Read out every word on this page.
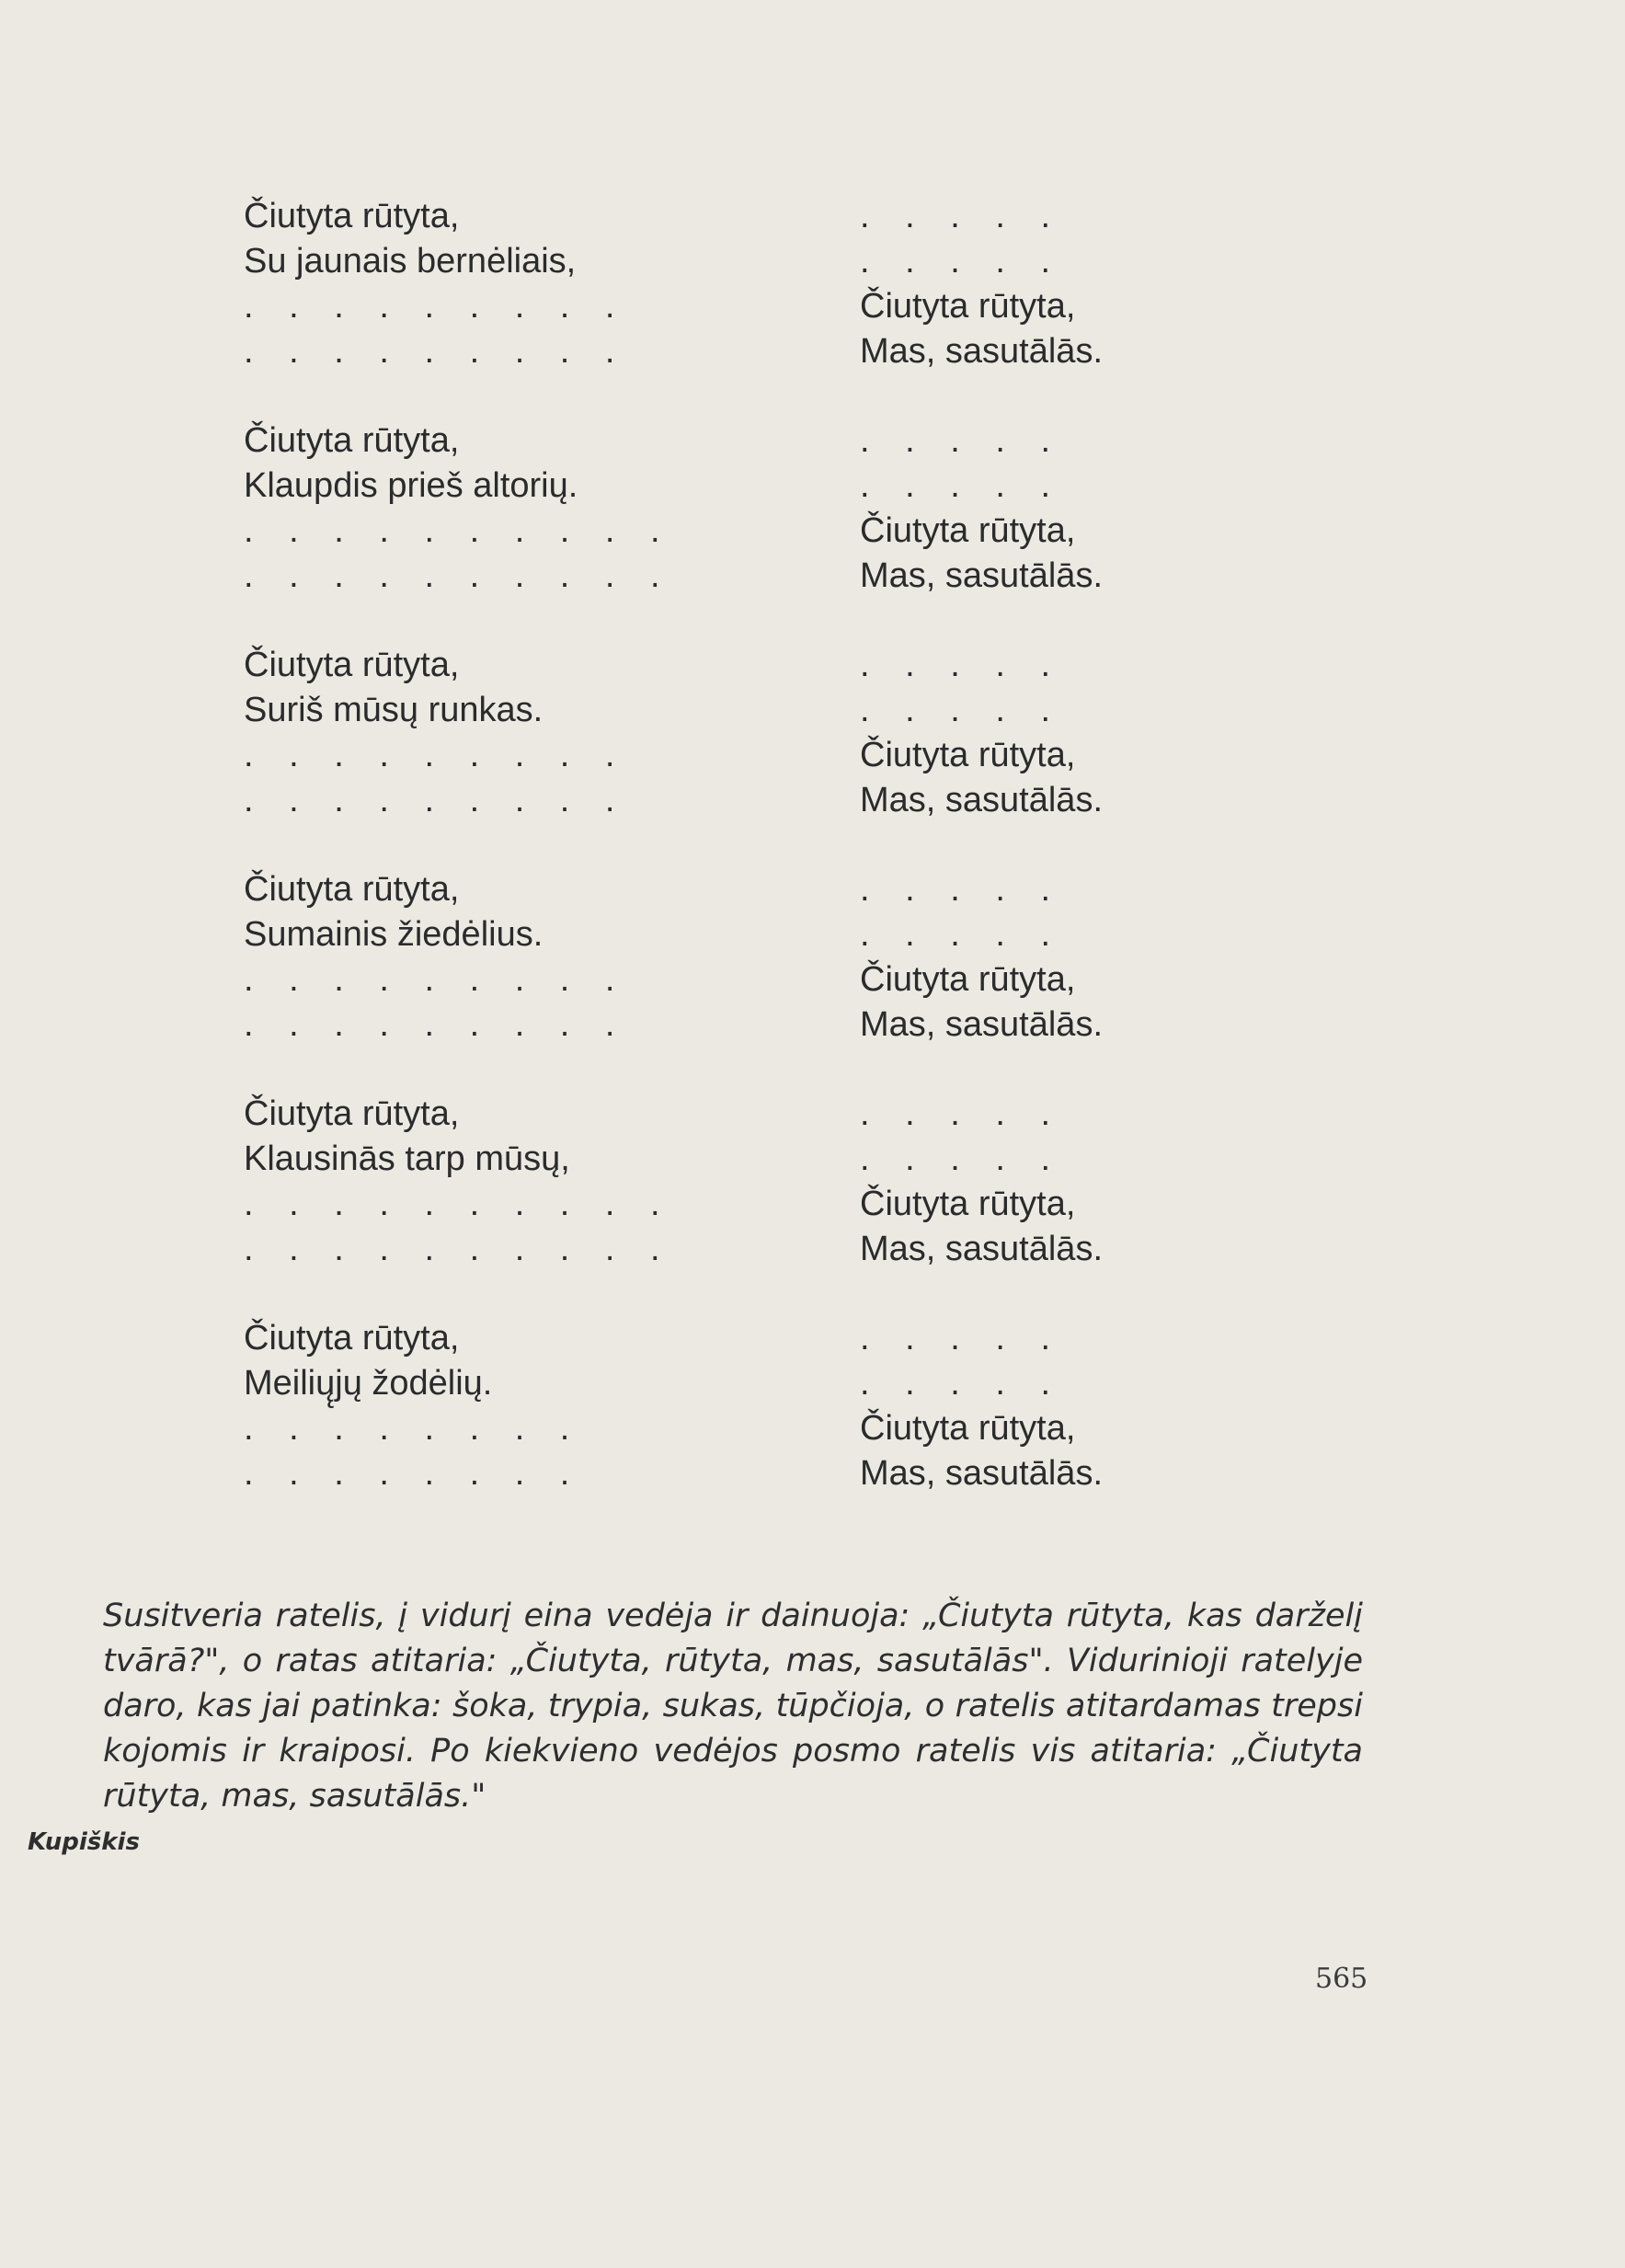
Čiutyta rūtyta,	. . . . .
Su jaunais bernėliais,	. . . . .
. . . . . . . . .	Čiutyta rūtyta,
. . . . . . . . .	Mas, sasutālās.
Čiutyta rūtyta,	. . . . .
Klaupdis prieš altorių.	. . . . .
. . . . . . . . . .	Čiutyta rūtyta,
. . . . . . . . . .	Mas, sasutālās.
Čiutyta rūtyta,	. . . . .
Suriš mūsų runkas.	. . . . .
. . . . . . . . .	Čiutyta rūtyta,
. . . . . . . . .	Mas, sasutālās.
Čiutyta rūtyta,	. . . . .
Sumainis žiedėlius.	. . . . .
. . . . . . . . .	Čiutyta rūtyta,
. . . . . . . . .	Mas, sasutālās.
Čiutyta rūtyta,	. . . . .
Klausinās tarp mūsų,	. . . . .
. . . . . . . . . .	Čiutyta rūtyta,
. . . . . . . . . .	Mas, sasutālās.
Čiutyta rūtyta,	. . . . .
Meilių̨jų žodėlių.	. . . . .
. . . . . . . .	Čiutyta rūtyta,
. . . . . . . .	Mas, sasutālās.

Susitveria ratelis, į vidurį eina vedėja ir dainuoja: „Čiutyta rūtyta, kas darželį tvārā?", o ratas atitaria: „Čiutyta, rūtyta, mas, sasutālās". Vidurinioji ratelyje daro, kas jai patinka: šoka, trypia, sukas, tūpčioja, o ratelis atitardamas trepsi kojomis ir kraiposi. Po kiekvieno vedėjos posmo ratelis vis atitaria: „Čiutyta rūtyta, mas, sasutālās."

Kupiškis
565
